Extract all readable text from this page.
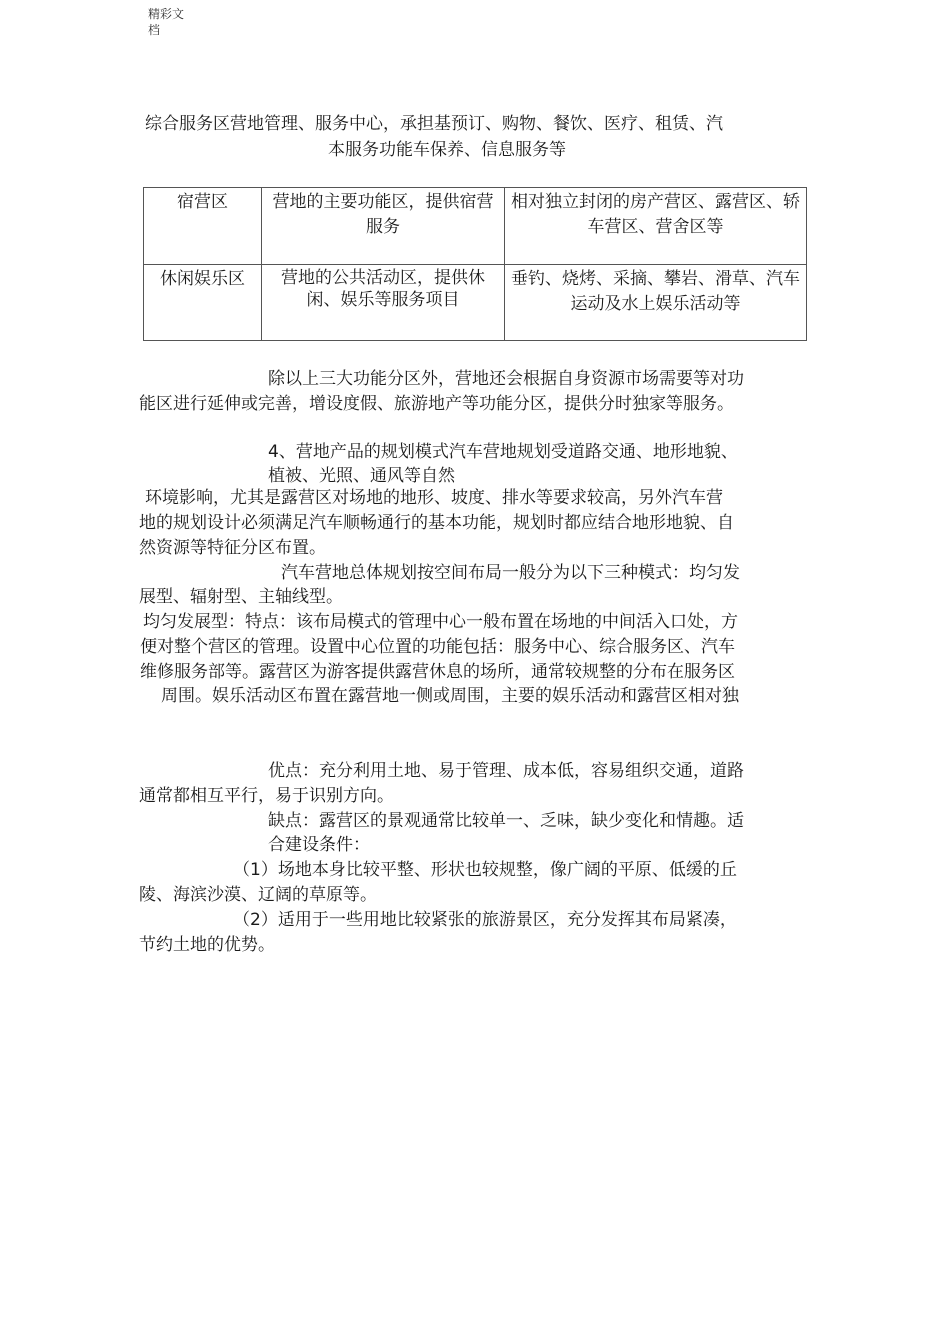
精彩文档
综合服务区营地管理、服务中心，承担基预订、购物、餐饮、医疗、租赁、汽
本服务功能车保养、信息服务等
宿营区	营地的主要功能区，提供宿营服务	相对独立封闭的房产营区、露营区、轿车营区、营舍区等
休闲娱乐区	营地的公共活动区，提供休闲、娱乐等服务项目	垂钓、烧烤、采摘、攀岩、滑草、汽车运动及水上娱乐活动等
除以上三大功能分区外，营地还会根据自身资源市场需要等对功
能区进行延伸或完善，增设度假、旅游地产等功能分区，提供分时独家等服务。
4、营地产品的规划模式汽车营地规划受道路交通、地形地貌、
植被、光照、通风等自然
环境影响，尤其是露营区对场地的地形、坡度、排水等要求较高，另外汽车营
地的规划设计必须满足汽车顺畅通行的基本功能，规划时都应结合地形地貌、自
然资源等特征分区布置。
汽车营地总体规划按空间布局一般分为以下三种模式：均匀发
展型、辐射型、主轴线型。
均匀发展型：特点：该布局模式的管理中心一般布置在场地的中间活入口处，方
便对整个营区的管理。设置中心位置的功能包括：服务中心、综合服务区、汽车
维修服务部等。露营区为游客提供露营休息的场所，通常较规整的分布在服务区
周围。娱乐活动区布置在露营地一侧或周围，主要的娱乐活动和露营区相对独
优点：充分利用土地、易于管理、成本低，容易组织交通，道路
通常都相互平行，易于识别方向。
缺点：露营区的景观通常比较单一、乏味，缺少变化和情趣。适
合建设条件：
（1）场地本身比较平整、形状也较规整，像广阔的平原、低缓的丘
陵、海滨沙漠、辽阔的草原等。
（2）适用于一些用地比较紧张的旅游景区，充分发挥其布局紧凑，
节约土地的优势。
